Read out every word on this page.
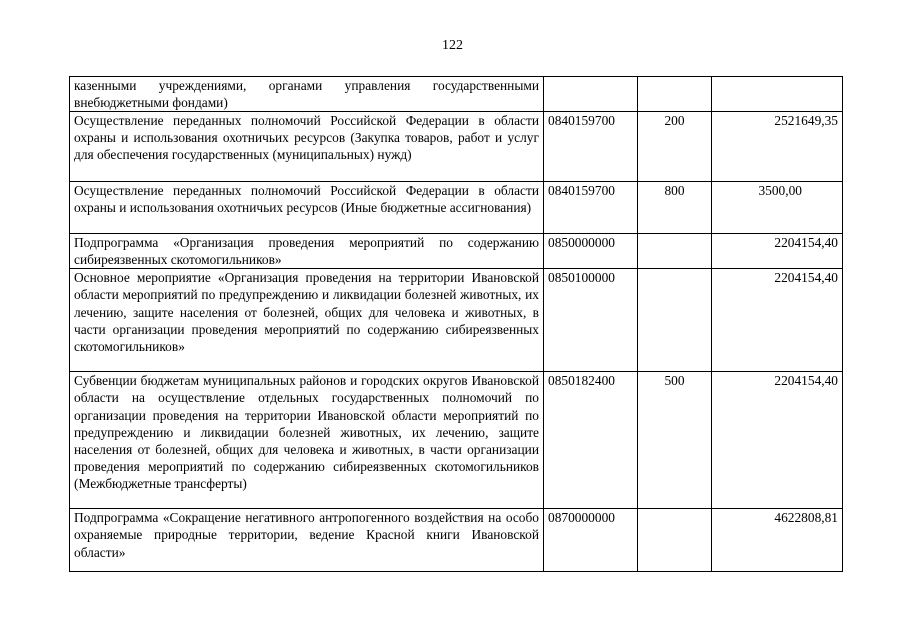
122
казенными учреждениями, органами управления государственными внебюджетными фондами)			
Осуществление переданных полномочий Российской Федерации в области охраны и использования охотничьих ресурсов (Закупка товаров, работ и услуг для обеспечения государственных (муниципальных) нужд)	0840159700	200	2521649,35
Осуществление переданных полномочий Российской Федерации в области охраны и использования охотничьих ресурсов (Иные бюджетные ассигнования)	0840159700	800	3500,00
Подпрограмма «Организация проведения мероприятий по содержанию сибиреязвенных скотомогильников»	0850000000		2204154,40
Основное мероприятие «Организация проведения на территории Ивановской области мероприятий по предупреждению и ликвидации болезней животных, их лечению, защите населения от болезней, общих для человека и животных, в части организации проведения мероприятий по содержанию сибиреязвенных скотомогильников»	0850100000		2204154,40
Субвенции бюджетам муниципальных районов и городских округов Ивановской области на осуществление отдельных государственных полномочий по организации проведения на территории Ивановской области мероприятий по предупреждению и ликвидации болезней животных, их лечению, защите населения от болезней, общих для человека и животных, в части организации проведения мероприятий по содержанию сибиреязвенных скотомогильников (Межбюджетные трансферты)	0850182400	500	2204154,40
Подпрограмма «Сокращение негативного антропогенного воздействия на особо охраняемые природные территории, ведение Красной книги Ивановской области»	0870000000		4622808,81
